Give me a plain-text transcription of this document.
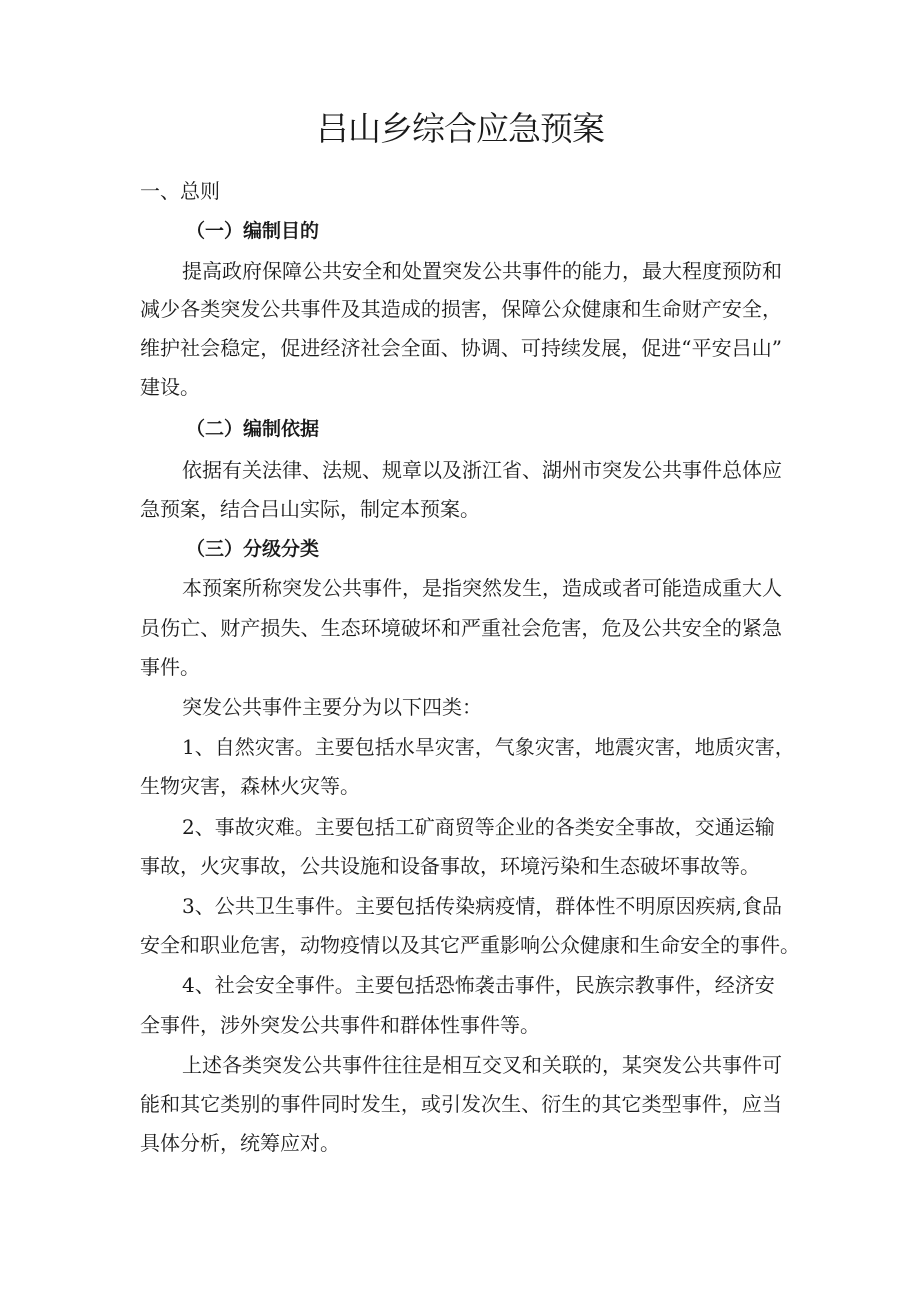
吕山乡综合应急预案
一、总则
（一）编制目的
提高政府保障公共安全和处置突发公共事件的能力，最大程度预防和
减少各类突发公共事件及其造成的损害，保障公众健康和生命财产安全，
维护社会稳定，促进经济社会全面、协调、可持续发展，促进“平安吕山”
建设。
（二）编制依据
依据有关法律、法规、规章以及浙江省、湖州市突发公共事件总体应
急预案，结合吕山实际，制定本预案。
（三）分级分类
本预案所称突发公共事件，是指突然发生，造成或者可能造成重大人
员伤亡、财产损失、生态环境破坏和严重社会危害，危及公共安全的紧急
事件。
突发公共事件主要分为以下四类：
1、自然灾害。主要包括水旱灾害，气象灾害，地震灾害，地质灾害，
生物灾害，森林火灾等。
2、事故灾难。主要包括工矿商贸等企业的各类安全事故，交通运输
事故，火灾事故，公共设施和设备事故，环境污染和生态破坏事故等。
3、公共卫生事件。主要包括传染病疫情，群体性不明原因疾病,食品
安全和职业危害，动物疫情以及其它严重影响公众健康和生命安全的事件。
4、社会安全事件。主要包括恐怖袭击事件，民族宗教事件，经济安
全事件，涉外突发公共事件和群体性事件等。
上述各类突发公共事件往往是相互交叉和关联的，某突发公共事件可
能和其它类别的事件同时发生，或引发次生、衍生的其它类型事件，应当
具体分析，统筹应对。
